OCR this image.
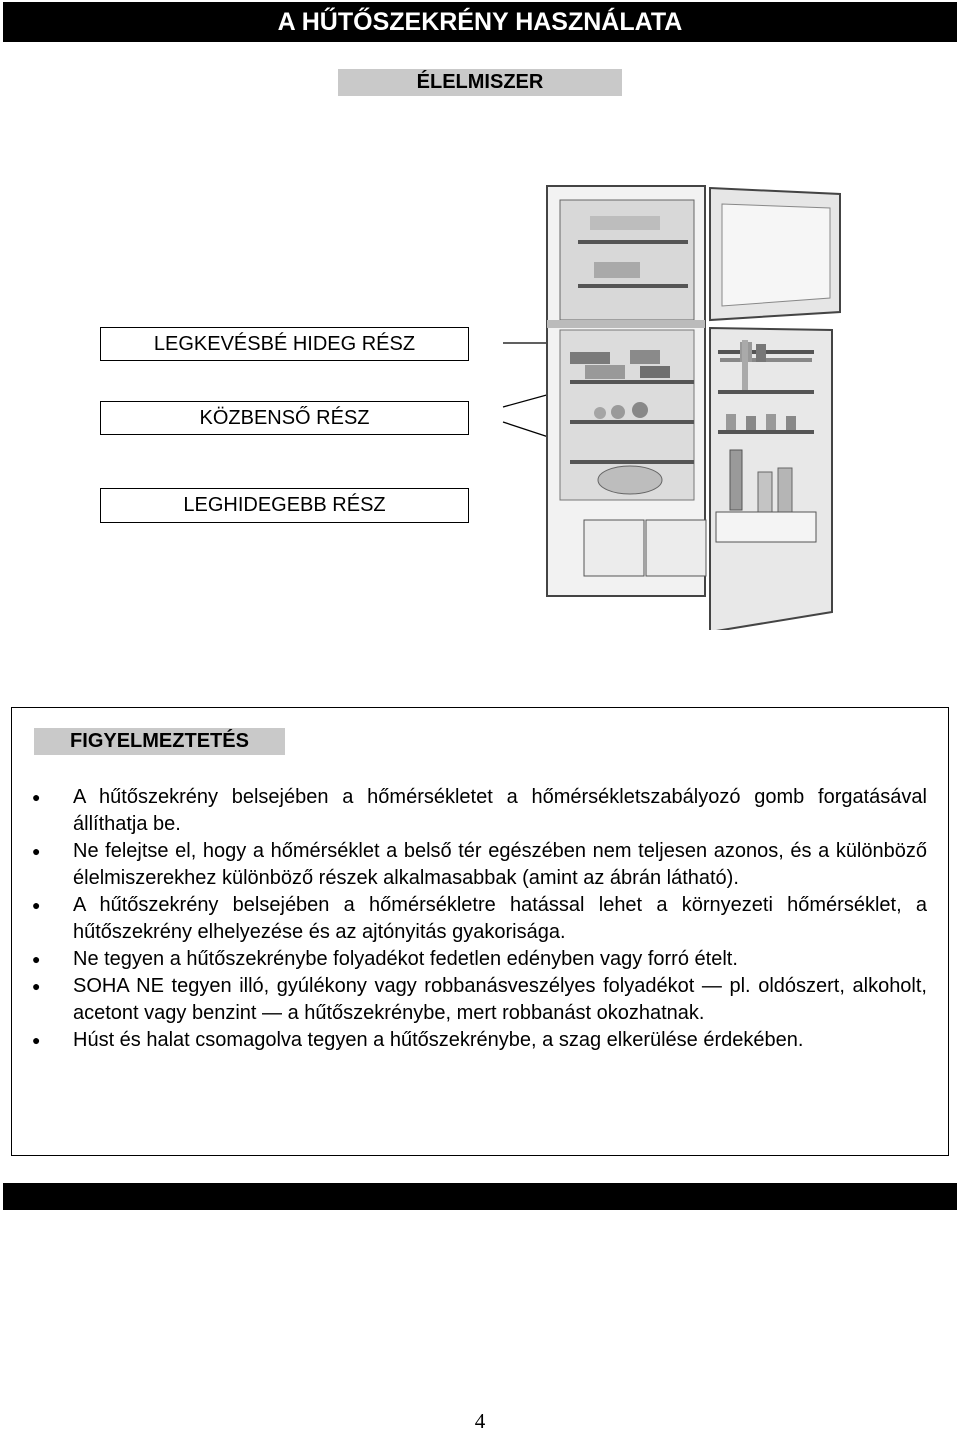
A HŰTŐSZEKRÉNY HASZNÁLATA
ÉLELMISZER
LEGKEVÉSBÉ HIDEG RÉSZ
KÖZBENSŐ RÉSZ
LEGHIDEGEBB RÉSZ
FIGYELMEZTETÉS
● A hűtőszekrény belsejében a hőmérsékletet a hőmérsékletszabályozó gomb forgatásával állíthatja be.
● Ne felejtse el, hogy a hőmérséklet a belső tér egészében nem teljesen azonos, és a különböző élelmiszerekhez különböző részek alkalmasabbak (amint az ábrán látható).
● A hűtőszekrény belsejében a hőmérsékletre hatással lehet a környezeti hőmérséklet, a hűtőszekrény elhelyezése és az ajtónyitás gyakorisága.
● Ne tegyen a hűtőszekrénybe folyadékot fedetlen edényben vagy forró ételt.
● SOHA NE tegyen illó, gyúlékony vagy robbanásveszélyes folyadékot — pl. oldószert, alkoholt, acetont vagy benzint — a hűtőszekrénybe, mert robbanást okozhatnak.
● Húst és halat csomagolva tegyen a hűtőszekrénybe, a szag elkerülése érdekében.
4
